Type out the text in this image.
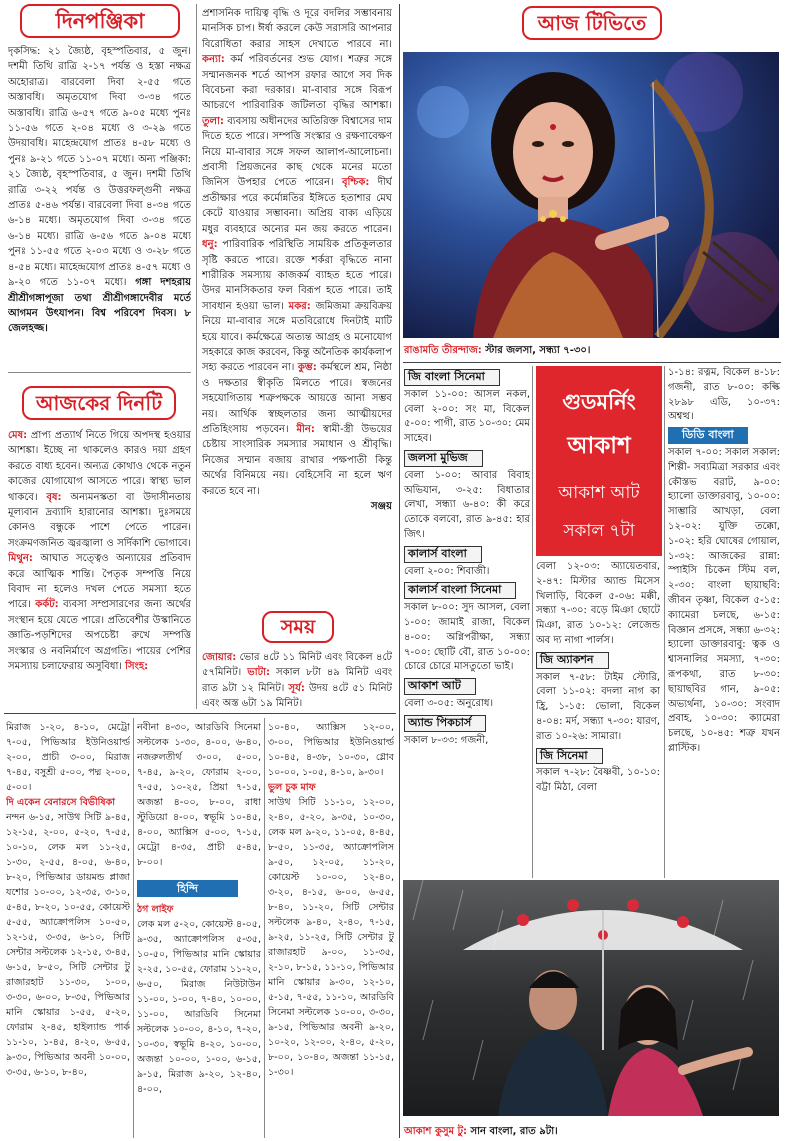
দিনপঞ্জিকা

দৃকসিদ্ধ: ২১ জ্যৈষ্ঠ, বৃহস্পতিবার, ৫ জুন। দশমী তিথি রাত্রি ২-১৭ পর্যন্ত ও হস্তা নক্ষত্র অহোরাত্র। বারবেলা দিবা ২-৫৫ গতে অস্তাবধি। অমৃতযোগ দিবা ৩-৩৪ গতে অস্তাবধি। রাত্রি ৬-৫৭ গতে ৯-০৫ মধ্যে পুনঃ ১১-৫৬ গতে ২-০৪ মধ্যে ও ৩-২৯ গতে উদয়াবধি। মাহেন্দ্রযোগ প্রাতঃ ৪-৫৮ মধ্যে ও পুনঃ ৯-২১ গতে ১১-০৭ মধ্যে। অন্য পঞ্জিকা: ২১ জ্যৈষ্ঠ, বৃহস্পতিবার, ৫ জুন। দশমী তিথি রাত্রি ৩-২২ পর্যন্ত ও উত্তরফল্গুনী নক্ষত্র প্রাতঃ ৫-৪৬ পর্যন্ত। বারবেলা দিবা ৪-৩৪ গতে ৬-১৪ মধ্যে। অমৃতযোগ দিবা ৩-৩৪ গতে ৬-১৪ মধ্যে। রাত্রি ৬-৫৬ গতে ৯-০৪ মধ্যে পুনঃ ১১-৫৫ গতে ২-০৩ মধ্যে ও ৩-২৮ গতে ৪-৫৪ মধ্যে। মাহেন্দ্রযোগ প্রাতঃ ৪-৫৭ মধ্যে ও ৯-২০ গতে ১১-০৭ মধ্যে। গঙ্গা দশহরায় শ্রীশ্রীগঙ্গাপূজা তথা শ্রীশ্রীগঙ্গাদেবীর মর্তে আগমন উৎযাপন। বিশ্ব পরিবেশ দিবস। ৮ জেলহজ্জ।

আজকের দিনটি

মেষ: প্রাপ্য প্রত্যার্থ নিতে গিয়ে অপদস্থ হওয়ার আশঙ্কা। ইচ্ছে না থাকলেও কারও দয়া গ্রহণ করতে বাধ্য হবেন। অন্যত্র কোথাও থেকে নতুন কাজের যোগাযোগ আসতে পারে। স্বাস্থ্য ভাল থাকবে। বৃষ: অন্যমনস্কতা বা উদাসীনতায় মূল্যবান দ্রব্যাদি হারানোর আশঙ্কা। দুঃসময়ে কোনও বন্ধুকে পাশে পেতে পারেন। সংক্রমণজনিত জ্বরজ্বালা ও সর্দিকাশি ভোগাবে। মিথুন: আঘাত সত্ত্বেও অন্যায়ের প্রতিবাদ করে আত্মিক শান্তি। পৈতৃক সম্পত্তি নিয়ে বিবাদ না হলেও দখল পেতে সমস্যা হতে পারে। কর্কট: ব্যবসা সম্প্রসারণের জন্য অর্থের সংস্থান হয়ে যেতে পারে। প্রতিবেশীর উস্কানিতে জ্ঞাতি-পড়শিদের অপচেষ্টা রুখে সম্পত্তি সংস্কার ও নবনির্মাণে অগ্রগতি। পায়ের পেশির সমস্যায় চলাফেরায় অসুবিধা। সিংহ:

প্রশাসনিক দায়িত্ব বৃদ্ধি ও দূরে বদলির সম্ভাবনায় মানসিক চাপ। ঈর্ষা করলে কেউ সরাসরি আপনার বিরোধিতা করার সাহস দেখাতে পারবে না। কন্যা: কর্ম পরিবর্তনের শুভ যোগ। শত্রুর সঙ্গে সম্মানজনক শর্তে আপস রফার আগে সব দিক বিবেচনা করা দরকার। মা-বাবার সঙ্গে বিরূপ আচরণে পারিবারিক জটিলতা বৃদ্ধির আশঙ্কা। তুলা: ব্যবসায় অধীনদের অতিরিক্ত বিশ্বাসের দাম দিতে হতে পারে। সম্পত্তি সংস্কার ও রক্ষণাবেক্ষণ নিয়ে মা-বাবার সঙ্গে সফল আলাপ-আলোচনা। প্রবাসী প্রিয়জনের কাছ থেকে মনের মতো জিনিস উপহার পেতে পারেন। বৃশ্চিক: দীর্ঘ প্রতীক্ষার পরে কর্মোন্নতির ইঙ্গিতে হতাশার মেঘ কেটে যাওয়ার সম্ভাবনা। অপ্রিয় বাক্য এড়িয়ে মধুর ব্যবহারে অন্যের মন জয় করতে পারেন। ধনু: পারিবারিক পরিস্থিতি সাময়িক প্রতিকূলতার সৃষ্টি করতে পারে। রক্তে শর্করা বৃদ্ধিতে নানা শারীরিক সমস্যায় কাজকর্ম ব্যাহত হতে পারে। উদর মানসিকতার ফল বিরূপ হতে পারে। তাই সাবধান হওয়া ভাল। মকর: জমিজমা ক্রয়বিক্রয় নিয়ে মা-বাবার সঙ্গে মতবিরোধে দিনটাই মাটি হয়ে যাবে। কর্মক্ষেত্রে অত্যন্ত আগ্রহ ও মনোযোগ সহকারে কাজ করবেন, কিন্তু অনৈতিক কার্যকলাপ সহ্য করতে পারবেন না। কুম্ভ: কর্মস্থলে শ্রম, নিষ্ঠা ও দক্ষতার স্বীকৃতি মিলতে পারে। স্বজনের সহযোগিতায় শত্রুপক্ষকে আয়ত্তে আনা সম্ভব নয়। আর্থিক স্বচ্ছলতার জন্য আত্মীয়দের প্রতিহিংসায় পড়বেন। মীন: স্বামী-স্ত্রী উভয়ের চেষ্টায় সাংসারিক সমস্যার সমাধান ও শ্রীবৃদ্ধি। নিজের সম্মান বজায় রাখার পক্ষপাতী কিন্তু অর্থের বিনিময়ে নয়। বেহিসেবি না হলে ঋণ করতে হবে না।

সঞ্জয়

সময়

জোয়ার: ভোর ৪টে ১১ মিনিট এবং বিকেল ৪টে ৫৭মিনিট। ভাটা: সকাল ৮টা ৪৯ মিনিট এবং রাত ৯টা ১২ মিনিট। সূর্য: উদয় ৪টে ৫১ মিনিট এবং অস্ত ৬টা ১৯ মিনিট।

মিরাজ ১-২০, ৪-১০, মেট্রো ৭-০৫, পিভিআর ইউনিওয়ার্ল্ড ২-০০, প্রাচী ৩-০০, মিরাজ ৭-৪৫, বসুশ্রী ৫-০০, পদ্ম ২-০০, ৫-০০।

দি একেন বেনারসে বিভীষিকা

নন্দন ৬-১৫, সাউথ সিটি ৯-৪৫, ১২-১৫, ২-০০, ৫-২০, ৭-৫৫, ১০-১০, লেক মল ১১-২৫, ১-৩০, ২-৫৫, ৪-০৫, ৬-৪০, ৮-২০, পিভিআর ডায়মন্ড প্লাজা যশোর ১০-০০, ১২-৩৫, ৩-১০, ৫-৪৫, ৮-২০, ১০-৫৫, কোয়েস্ট ৫-৫৫, অ্যাক্রোপলিস ১০-৫০, ১২-১৫, ৩-৩৫, ৬-১০, সিটি সেন্টার সল্টলেক ১২-১৫, ৩-৪৫, ৬-১৫, ৮-৫০, সিটি সেন্টার টু রাজারহাট ১১-৩০, ১-০০, ৩-৩০, ৬-০০, ৮-৩৫, পিভিআর মানি স্কোয়ার ১-৫৫, ৫-২০, ফোরাম ২-৪৫, হাইল্যান্ড পার্ক ১১-১০, ১-৪৫, ৪-২০, ৬-৫৫, ৯-৩০, পিভিআর অবনী ১০-০০, ৩-৩৫, ৬-১০, ৮-৪০,

নবীনা ৪-৩০, আরডিবি সিনেমা সল্টলেক ১-৩০, ৪-০০, ৬-৪০, নজরুলতীর্থ ৩-০০, ৫-০০, ৭-৪৫, ৯-২০, ফোরাম ২-০০, ৭-৫৫, ১০-২৫, প্রিয়া ৭-১৫, অজন্তা ৪-০০, ৮-০০, রাধা স্টুডিয়ো ৪-০০, স্বভূমি ১০-৪৫, ৪-০০, অ্যাক্সিস ৫-০০, ৭-১৫, মেট্রো ৪-৩৫, প্রাচী ৫-৪৫, ৮-০০।

হিন্দি

ঠগ লাইফ

লেক মল ৫-২০, কোয়েস্ট ৪-০৫, ৯-৩৫, অ্যাক্রোপলিস ৫-৩৫, ১০-৫০, পিভিআর মানি স্কোয়ার ২-২৫, ১০-৫৫, ফোরাম ১১-২০, ৬-৫০, মিরাজ নিউটাউন ১১-০০, ১-০০, ৭-৪০, ১০-০০, ১১-০০, আরডিবি সিনেমা সল্টলেক ১০-০০, ৪-১০, ৭-২০, ১০-৩০, স্বভূমি ৪-২০, ১০-০০, অজন্তা ১০-০০, ১-০০, ৬-১৫, ৯-১৫, মিরাজ ৯-২০, ১২-৪০, ৪-০০,

১০-৪০, অ্যাক্সিস ১২-০০, ৩-০০, পিভিআর ইউনিওয়ার্ল্ড ১০-৪৫, ৪-৩৮, ১০-৩০, গ্লোব ১০-০০, ১-০৫, ৪-১০, ৯-৩০।

ভুল চুক মাফ

সাউথ সিটি ১১-১০, ১২-০০, ২-৪০, ৫-২০, ৯-৩৫, ১০-৩০, লেক মল ৯-২০, ১১-০৫, ৪-৪৫, ৮-৫০, ১১-৩৫, অ্যাক্রোপলিস ৯-৫০, ১২-০৫, ১১-২০, কোয়েস্ট ১০-০০, ১২-৪০, ৩-২০, ৪-১৫, ৬-০০, ৬-৫৫, ৮-৪০, ১১-২০, সিটি সেন্টার সল্টলেক ৯-৪০, ২-৪০, ৭-১৫, ৯-২৫, ১১-২৫, সিটি সেন্টার টু রাজারহাট ৯-০০, ১১-৩৫, ২-১০, ৮-১৫, ১১-১০, পিভিআর মানি স্কোয়ার ৯-৩০, ১২-১০, ৫-১৫, ৭-৫৫, ১১-১০, আরডিবি সিনেমা সল্টলেক ১০-০০, ৩-৩০, ৯-১৫, পিভিআর অবনী ৯-২০, ১০-২০, ১২-০০, ২-৪০, ৫-২০, ৮-০০, ১০-৪০, অজন্তা ১১-১৫, ১-৩০।

আজ টিভিতে
রাঙামতি তীরন্দাজ: স্টার জলসা, সন্ধ্যা ৭-৩০।
জি বাংলা সিনেমা

সকাল ১১-০০: আসল নকল, বেলা ২-০০: সং মা, বিকেল ৫-০০: পাগী, রাত ১০-৩০: মেম সাহেব।

জলসা মুভিজ

বেলা ১-০০: আবার বিবাহ অভিযান, ৩-২৫: বিধাতার লেখা, সন্ধ্যা ৬-৪০: কী করে তোকে বলবো, রাত ৯-৪৫: হার জিৎ।

কালার্স বাংলা

বেলা ২-০০: শিবাজী।

কালার্স বাংলা সিনেমা

সকাল ৮-০০: সুদ আসল, বেলা ১-০০: জামাই রাজা, বিকেল ৪-০০: অগ্নিপরীক্ষা, সন্ধ্যা ৭-০০: ছোটি বৌ, রাত ১০-০০: চোরে চোরে মাসতুতো ভাই।

আকাশ আট

বেলা ৩-০৫: অনুরোধ।

অ্যান্ড পিকচার্স

সকাল ৮-৩৩: গজনী,

গুডমর্নিং
আকাশ
আকাশ আট
সকাল ৭টা

বেলা ১২-০৩: অ্যায়েতবার, ২-৪৭: মিস্টার অ্যান্ড মিসেস খিলাড়ি, বিকেল ৫-০৬: মক্কী, সন্ধ্যা ৭-৩০: বড়ে মিঞা ছোটে মিঞা, রাত ১০-১২: লেজেন্ড অব দ্য নাগা পার্লস।

জি অ্যাকশন

সকাল ৭-৫৮: টাইম স্টোরি, বেলা ১১-০২: বদলা নাগ কা হ্রি, ১-১৫: ভোলা, বিকেল ৪-০৪: মর্দ, সন্ধ্যা ৭-৩০: যারণ, রাত ১০-২৬: সামারা।

জি সিনেমা

সকাল ৭-২৮: বৈষ্ণবী, ১০-১০: বট্টা মিঠা, বেলা

১-১৪: রত্নম, বিকেল ৪-১৮: গজনী, রাত ৮-০০: কল্কি ২৮৯৮ এডি, ১০-৩৭: অশ্বত্থ।

ডিডি বাংলা

সকাল ৭-০০: সকাল সকাল: শিল্পী- সব্যমিত্রা সরকার এবং কৌস্তভ বরাট, ৯-০০: হ্যালো ডাক্তারবাবু, ১০-০০: সাম্ভারি আখড়া, বেলা ১২-০২: যুক্তি তক্কো, ১-০২: হরি ঘোষের গোয়াল, ১-৩২: আজকের রান্না: স্পাইসি চিকেন স্টিম বল, ২-৩০: বাংলা ছায়াছবি: জীবন তৃষ্ণা, বিকেল ৫-১৫: ক্যামেরা চলছে, ৬-১৫: বিজ্ঞান প্রসঙ্গে, সন্ধ্যা ৬-৩২: হ্যালো ডাক্তারবাবু: ত্বক ও শ্বাসনালির সমস্যা, ৭-৩০: রূপকথা, রাত ৮-৩০: ছায়াছবির গান, ৯-০৫: অভ্যর্থনা, ১০-৩০: সংবাদ প্রবাহ, ১০-৩০: ক্যামেরা চলছে, ১০-৪৫: শত্রু যখন প্লাস্টিক।

আকাশ কুসুম টু: সান বাংলা, রাত ৯টা।
